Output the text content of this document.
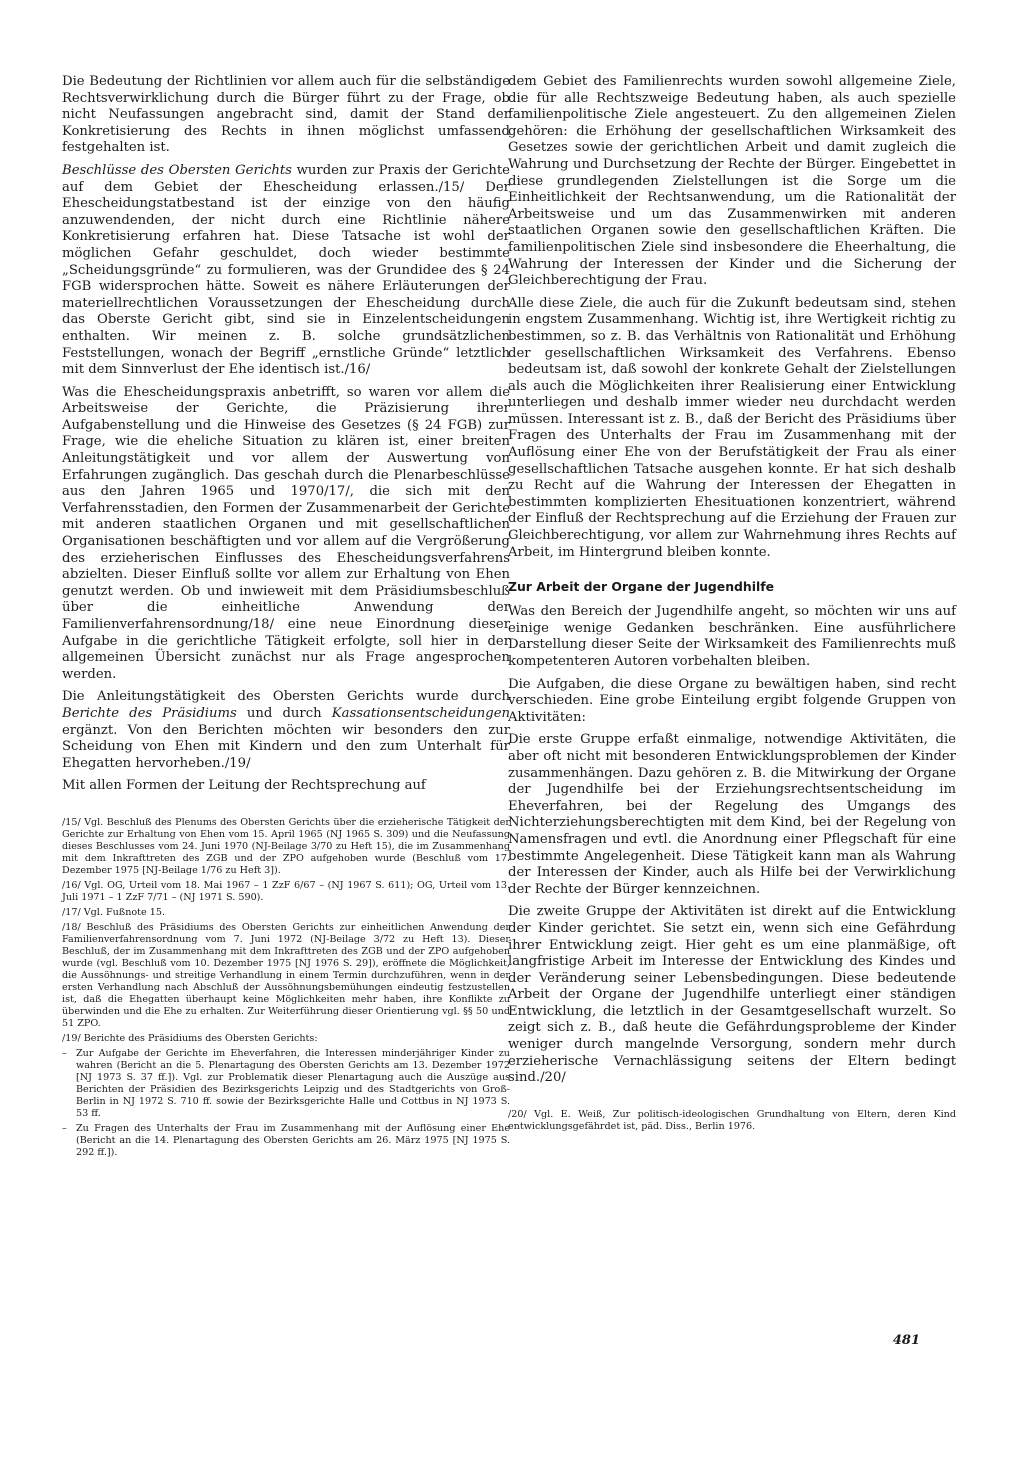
Die Bedeutung der Richtlinien vor allem auch für die selbständige Rechtsverwirklichung durch die Bürger führt zu der Frage, ob nicht Neufassungen angebracht sind, damit der Stand der Konkretisierung des Rechts in ihnen möglichst umfassend festgehalten ist.

Beschlüsse des Obersten Gerichts wurden zur Praxis der Gerichte auf dem Gebiet der Ehescheidung erlassen./15/ Der Ehescheidungstatbestand ist der einzige von den häufig anzuwendenden, der nicht durch eine Richtlinie nähere Konkretisierung erfahren hat. Diese Tatsache ist wohl der möglichen Gefahr geschuldet, doch wieder bestimmte „Scheidungsgründe“ zu formulieren, was der Grundidee des § 24 FGB widersprochen hätte. Soweit es nähere Erläuterungen der materiellrechtlichen Voraussetzungen der Ehescheidung durch das Oberste Gericht gibt, sind sie in Einzelentscheidungen enthalten. Wir meinen z. B. solche grundsätzlichen Feststellungen, wonach der Begriff „ernstliche Gründe“ letztlich mit dem Sinnverlust der Ehe identisch ist./16/

Was die Ehescheidungspraxis anbetrifft, so waren vor allem die Arbeitsweise der Gerichte, die Präzisierung ihrer Aufgabenstellung und die Hinweise des Gesetzes (§ 24 FGB) zur Frage, wie die eheliche Situation zu klären ist, einer breiten Anleitungstätigkeit und vor allem der Auswertung von Erfahrungen zugänglich. Das geschah durch die Plenarbeschlüsse aus den Jahren 1965 und 1970/17/, die sich mit den Verfahrensstadien, den Formen der Zusammenarbeit der Gerichte mit anderen staatlichen Organen und mit gesellschaftlichen Organisationen beschäftigten und vor allem auf die Vergrößerung des erzieherischen Einflusses des Ehescheidungsverfahrens abzielten. Dieser Einfluß sollte vor allem zur Erhaltung von Ehen genutzt werden. Ob und inwieweit mit dem Präsidiumsbeschluß über die einheitliche Anwendung der Familienverfahrensordnung/18/ eine neue Einordnung dieser Aufgabe in die gerichtliche Tätigkeit erfolgte, soll hier in der allgemeinen Übersicht zunächst nur als Frage angesprochen werden.

Die Anleitungstätigkeit des Obersten Gerichts wurde durch Berichte des Präsidiums und durch Kassationsentscheidungen ergänzt. Von den Berichten möchten wir besonders den zur Scheidung von Ehen mit Kindern und den zum Unterhalt für Ehegatten hervorheben./19/

Mit allen Formen der Leitung der Rechtsprechung auf

/15/ Vgl. Beschluß des Plenums des Obersten Gerichts über die erzieherische Tätigkeit der Gerichte zur Erhaltung von Ehen vom 15. April 1965 (NJ 1965 S. 309) und die Neufassung dieses Beschlusses vom 24. Juni 1970 (NJ-Beilage 3/70 zu Heft 15), die im Zusammenhang mit dem Inkrafttreten des ZGB und der ZPO aufgehoben wurde (Beschluß vom 17. Dezember 1975 [NJ-Beilage 1/76 zu Heft 3]).

/16/ Vgl. OG, Urteil vom 18. Mai 1967 – 1 ZzF 6/67 – (NJ 1967 S. 611); OG, Urteil vom 13. Juli 1971 – 1 ZzF 7/71 – (NJ 1971 S. 590).

/17/ Vgl. Fußnote 15.

/18/ Beschluß des Präsidiums des Obersten Gerichts zur einheitlichen Anwendung der Familienverfahrensordnung vom 7. Juni 1972 (NJ-Beilage 3/72 zu Heft 13). Dieser Beschluß, der im Zusammenhang mit dem Inkrafttreten des ZGB und der ZPO aufgehoben wurde (vgl. Beschluß vom 10. Dezember 1975 [NJ 1976 S. 29]), eröffnete die Möglichkeit, die Aussöhnungs- und streitige Verhandlung in einem Termin durchzuführen, wenn in der ersten Verhandlung nach Abschluß der Aussöhnungsbemühungen eindeutig festzustellen ist, daß die Ehegatten überhaupt keine Möglichkeiten mehr haben, ihre Konflikte zu überwinden und die Ehe zu erhalten. Zur Weiterführung dieser Orientierung vgl. §§ 50 und 51 ZPO.

/19/ Berichte des Präsidiums des Obersten Gerichts:

– Zur Aufgabe der Gerichte im Eheverfahren, die Interessen minderjähriger Kinder zu wahren (Bericht an die 5. Plenartagung des Obersten Gerichts am 13. Dezember 1972 [NJ 1973 S. 37 ff.]). Vgl. zur Problematik dieser Plenartagung auch die Auszüge aus Berichten der Präsidien des Bezirksgerichts Leipzig und des Stadtgerichts von Groß-Berlin in NJ 1972 S. 710 ff. sowie der Bezirksgerichte Halle und Cottbus in NJ 1973 S. 53 ff.

– Zu Fragen des Unterhalts der Frau im Zusammenhang mit der Auflösung einer Ehe (Bericht an die 14. Plenartagung des Obersten Gerichts am 26. März 1975 [NJ 1975 S. 292 ff.]).

dem Gebiet des Familienrechts wurden sowohl allgemeine Ziele, die für alle Rechtszweige Bedeutung haben, als auch spezielle familienpolitische Ziele angesteuert. Zu den allgemeinen Zielen gehören: die Erhöhung der gesellschaftlichen Wirksamkeit des Gesetzes sowie der gerichtlichen Arbeit und damit zugleich die Wahrung und Durchsetzung der Rechte der Bürger. Eingebettet in diese grundlegenden Zielstellungen ist die Sorge um die Einheitlichkeit der Rechtsanwendung, um die Rationalität der Arbeitsweise und um das Zusammenwirken mit anderen staatlichen Organen sowie den gesellschaftlichen Kräften. Die familienpolitischen Ziele sind insbesondere die Eheerhaltung, die Wahrung der Interessen der Kinder und die Sicherung der Gleichberechtigung der Frau.

Alle diese Ziele, die auch für die Zukunft bedeutsam sind, stehen in engstem Zusammenhang. Wichtig ist, ihre Wertigkeit richtig zu bestimmen, so z. B. das Verhältnis von Rationalität und Erhöhung der gesellschaftlichen Wirksamkeit des Verfahrens. Ebenso bedeutsam ist, daß sowohl der konkrete Gehalt der Zielstellungen als auch die Möglichkeiten ihrer Realisierung einer Entwicklung unterliegen und deshalb immer wieder neu durchdacht werden müssen. Interessant ist z. B., daß der Bericht des Präsidiums über Fragen des Unterhalts der Frau im Zusammenhang mit der Auflösung einer Ehe von der Berufstätigkeit der Frau als einer gesellschaftlichen Tatsache ausgehen konnte. Er hat sich deshalb zu Recht auf die Wahrung der Interessen der Ehegatten in bestimmten komplizierten Ehesituationen konzentriert, während der Einfluß der Rechtsprechung auf die Erziehung der Frauen zur Gleichberechtigung, vor allem zur Wahrnehmung ihres Rechts auf Arbeit, im Hintergrund bleiben konnte.

Zur Arbeit der Organe der Jugendhilfe

Was den Bereich der Jugendhilfe angeht, so möchten wir uns auf einige wenige Gedanken beschränken. Eine ausführlichere Darstellung dieser Seite der Wirksamkeit des Familienrechts muß kompetenteren Autoren vorbehalten bleiben.

Die Aufgaben, die diese Organe zu bewältigen haben, sind recht verschieden. Eine grobe Einteilung ergibt folgende Gruppen von Aktivitäten:

Die erste Gruppe erfaßt einmalige, notwendige Aktivitäten, die aber oft nicht mit besonderen Entwicklungsproblemen der Kinder zusammenhängen. Dazu gehören z. B. die Mitwirkung der Organe der Jugendhilfe bei der Erziehungsrechtsentscheidung im Eheverfahren, bei der Regelung des Umgangs des Nichterziehungsberechtigten mit dem Kind, bei der Regelung von Namensfragen und evtl. die Anordnung einer Pflegschaft für eine bestimmte Angelegenheit. Diese Tätigkeit kann man als Wahrung der Interessen der Kinder, auch als Hilfe bei der Verwirklichung der Rechte der Bürger kennzeichnen.

Die zweite Gruppe der Aktivitäten ist direkt auf die Entwicklung der Kinder gerichtet. Sie setzt ein, wenn sich eine Gefährdung ihrer Entwicklung zeigt. Hier geht es um eine planmäßige, oft langfristige Arbeit im Interesse der Entwicklung des Kindes und der Veränderung seiner Lebensbedingungen. Diese bedeutende Arbeit der Organe der Jugendhilfe unterliegt einer ständigen Entwicklung, die letztlich in der Gesamtgesellschaft wurzelt. So zeigt sich z. B., daß heute die Gefährdungsprobleme der Kinder weniger durch mangelnde Versorgung, sondern mehr durch erzieherische Vernachlässigung seitens der Eltern bedingt sind./20/

/20/ Vgl. E. Weiß, Zur politisch-ideologischen Grundhaltung von Eltern, deren Kind entwicklungsgefährdet ist, päd. Diss., Berlin 1976.

481
